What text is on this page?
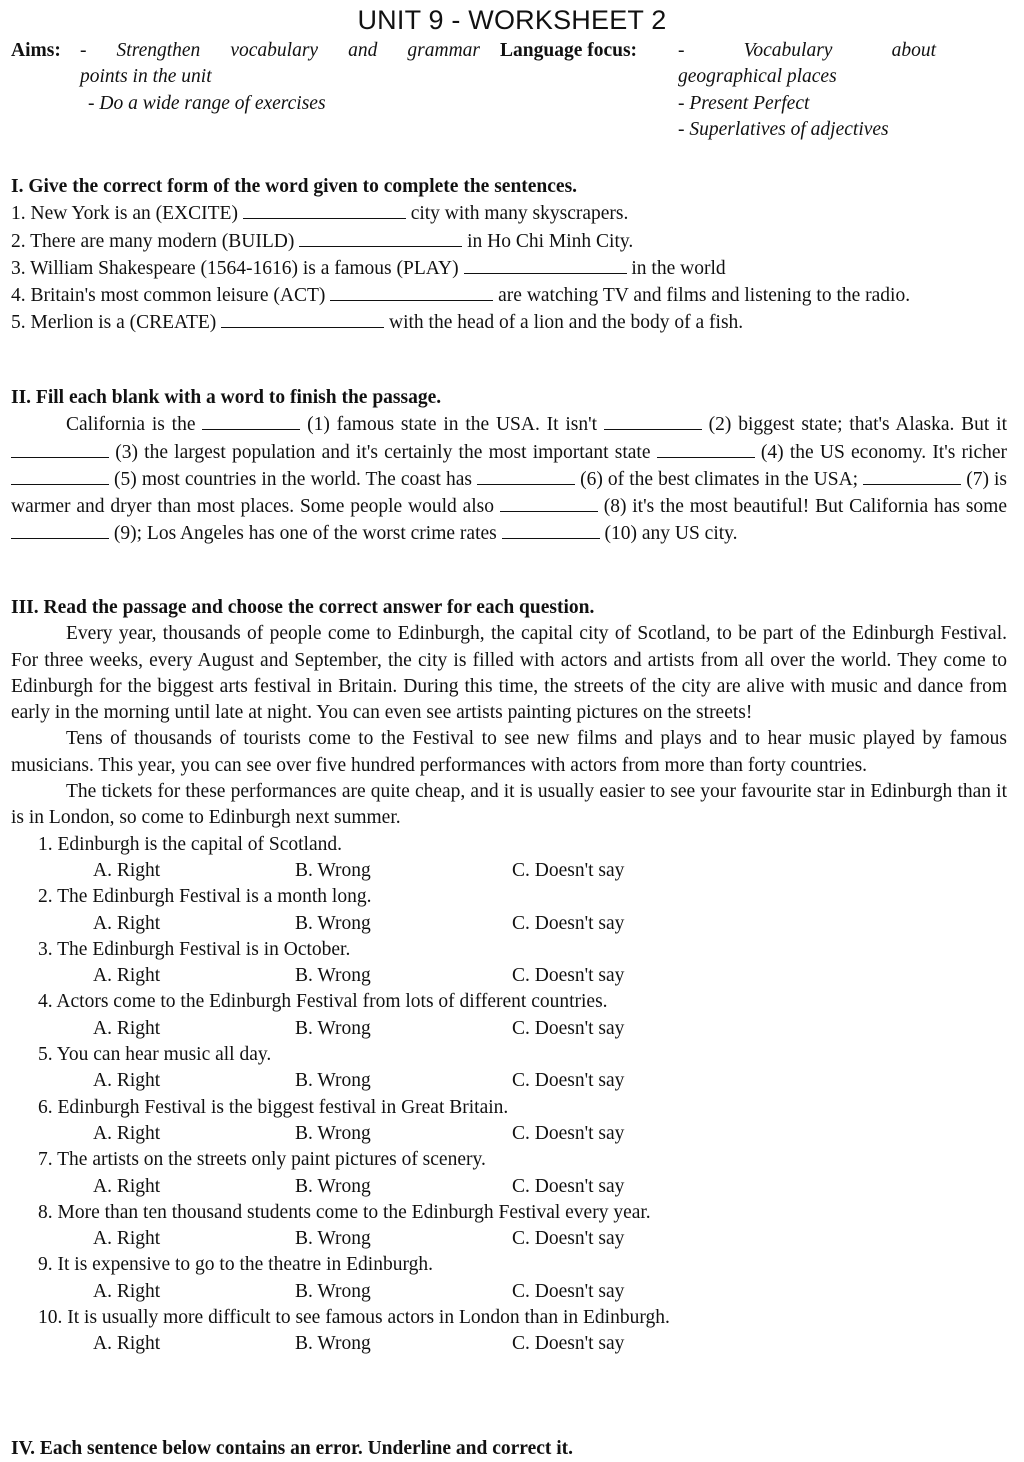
UNIT 9 - WORKSHEET 2
Aims: - Strengthen vocabulary and grammar
points in the unit
- Do a wide range of exercises
Language focus: - Vocabulary about
geographical places
- Present Perfect
- Superlatives of adjectives
I. Give the correct form of the word given to complete the sentences.
1. New York is an (EXCITE)	city with many skyscrapers.
2. There are many modern (BUILD)	in Ho Chi Minh City.
3. William Shakespeare (1564-1616) is a famous (PLAY)	in the world
4. Britain's most common leisure (ACT)	are watching TV and films and listening to the radio.
5. Merlion is a (CREATE)	with the head of a lion and the body of a fish.
II. Fill each blank with a word to finish the passage.
California is the	(1) famous state in the USA. It isn't	(2) biggest state; that's Alaska. But it  (3) the largest population and it's certainly the most important state	(4) the US economy. It's richer  (5) most countries in the world. The coast has	(6) of the best climates in the USA;	(7) is warmer and dryer than most places. Some people would also	(8) it's the most beautiful! But California has some  (9); Los Angeles has one of the worst crime rates	(10) any US city.
III. Read the passage and choose the correct answer for each question.
Every year, thousands of people come to Edinburgh, the capital city of Scotland, to be part of the Edinburgh Festival. For three weeks, every August and September, the city is filled with actors and artists from all over the world. They come to Edinburgh for the biggest arts festival in Britain. During this time, the streets of the city are alive with music and dance from early in the morning until late at night. You can even see artists painting pictures on the streets!
Tens of thousands of tourists come to the Festival to see new films and plays and to hear music played by famous musicians. This year, you can see over five hundred performances with actors from more than forty countries.
The tickets for these performances are quite cheap, and it is usually easier to see your favourite star in Edinburgh than it is in London, so come to Edinburgh next summer.
1. Edinburgh is the capital of Scotland.
A. Right	B. Wrong	C. Doesn't say
2. The Edinburgh Festival is a month long.
A. Right	B. Wrong	C. Doesn't say
3. The Edinburgh Festival is in October.
A. Right	B. Wrong	C. Doesn't say
4. Actors come to the Edinburgh Festival from lots of different countries.
A. Right	B. Wrong	C. Doesn't say
5. You can hear music all day.
A. Right	B. Wrong	C. Doesn't say
6. Edinburgh Festival is the biggest festival in Great Britain.
A. Right	B. Wrong	C. Doesn't say
7. The artists on the streets only paint pictures of scenery.
A. Right	B. Wrong	C. Doesn't say
8. More than ten thousand students come to the Edinburgh Festival every year.
A. Right	B. Wrong	C. Doesn't say
9. It is expensive to go to the theatre in Edinburgh.
A. Right	B. Wrong	C. Doesn't say
10. It is usually more difficult to see famous actors in London than in Edinburgh.
A. Right	B. Wrong	C. Doesn't say
IV. Each sentence below contains an error. Underline and correct it.
